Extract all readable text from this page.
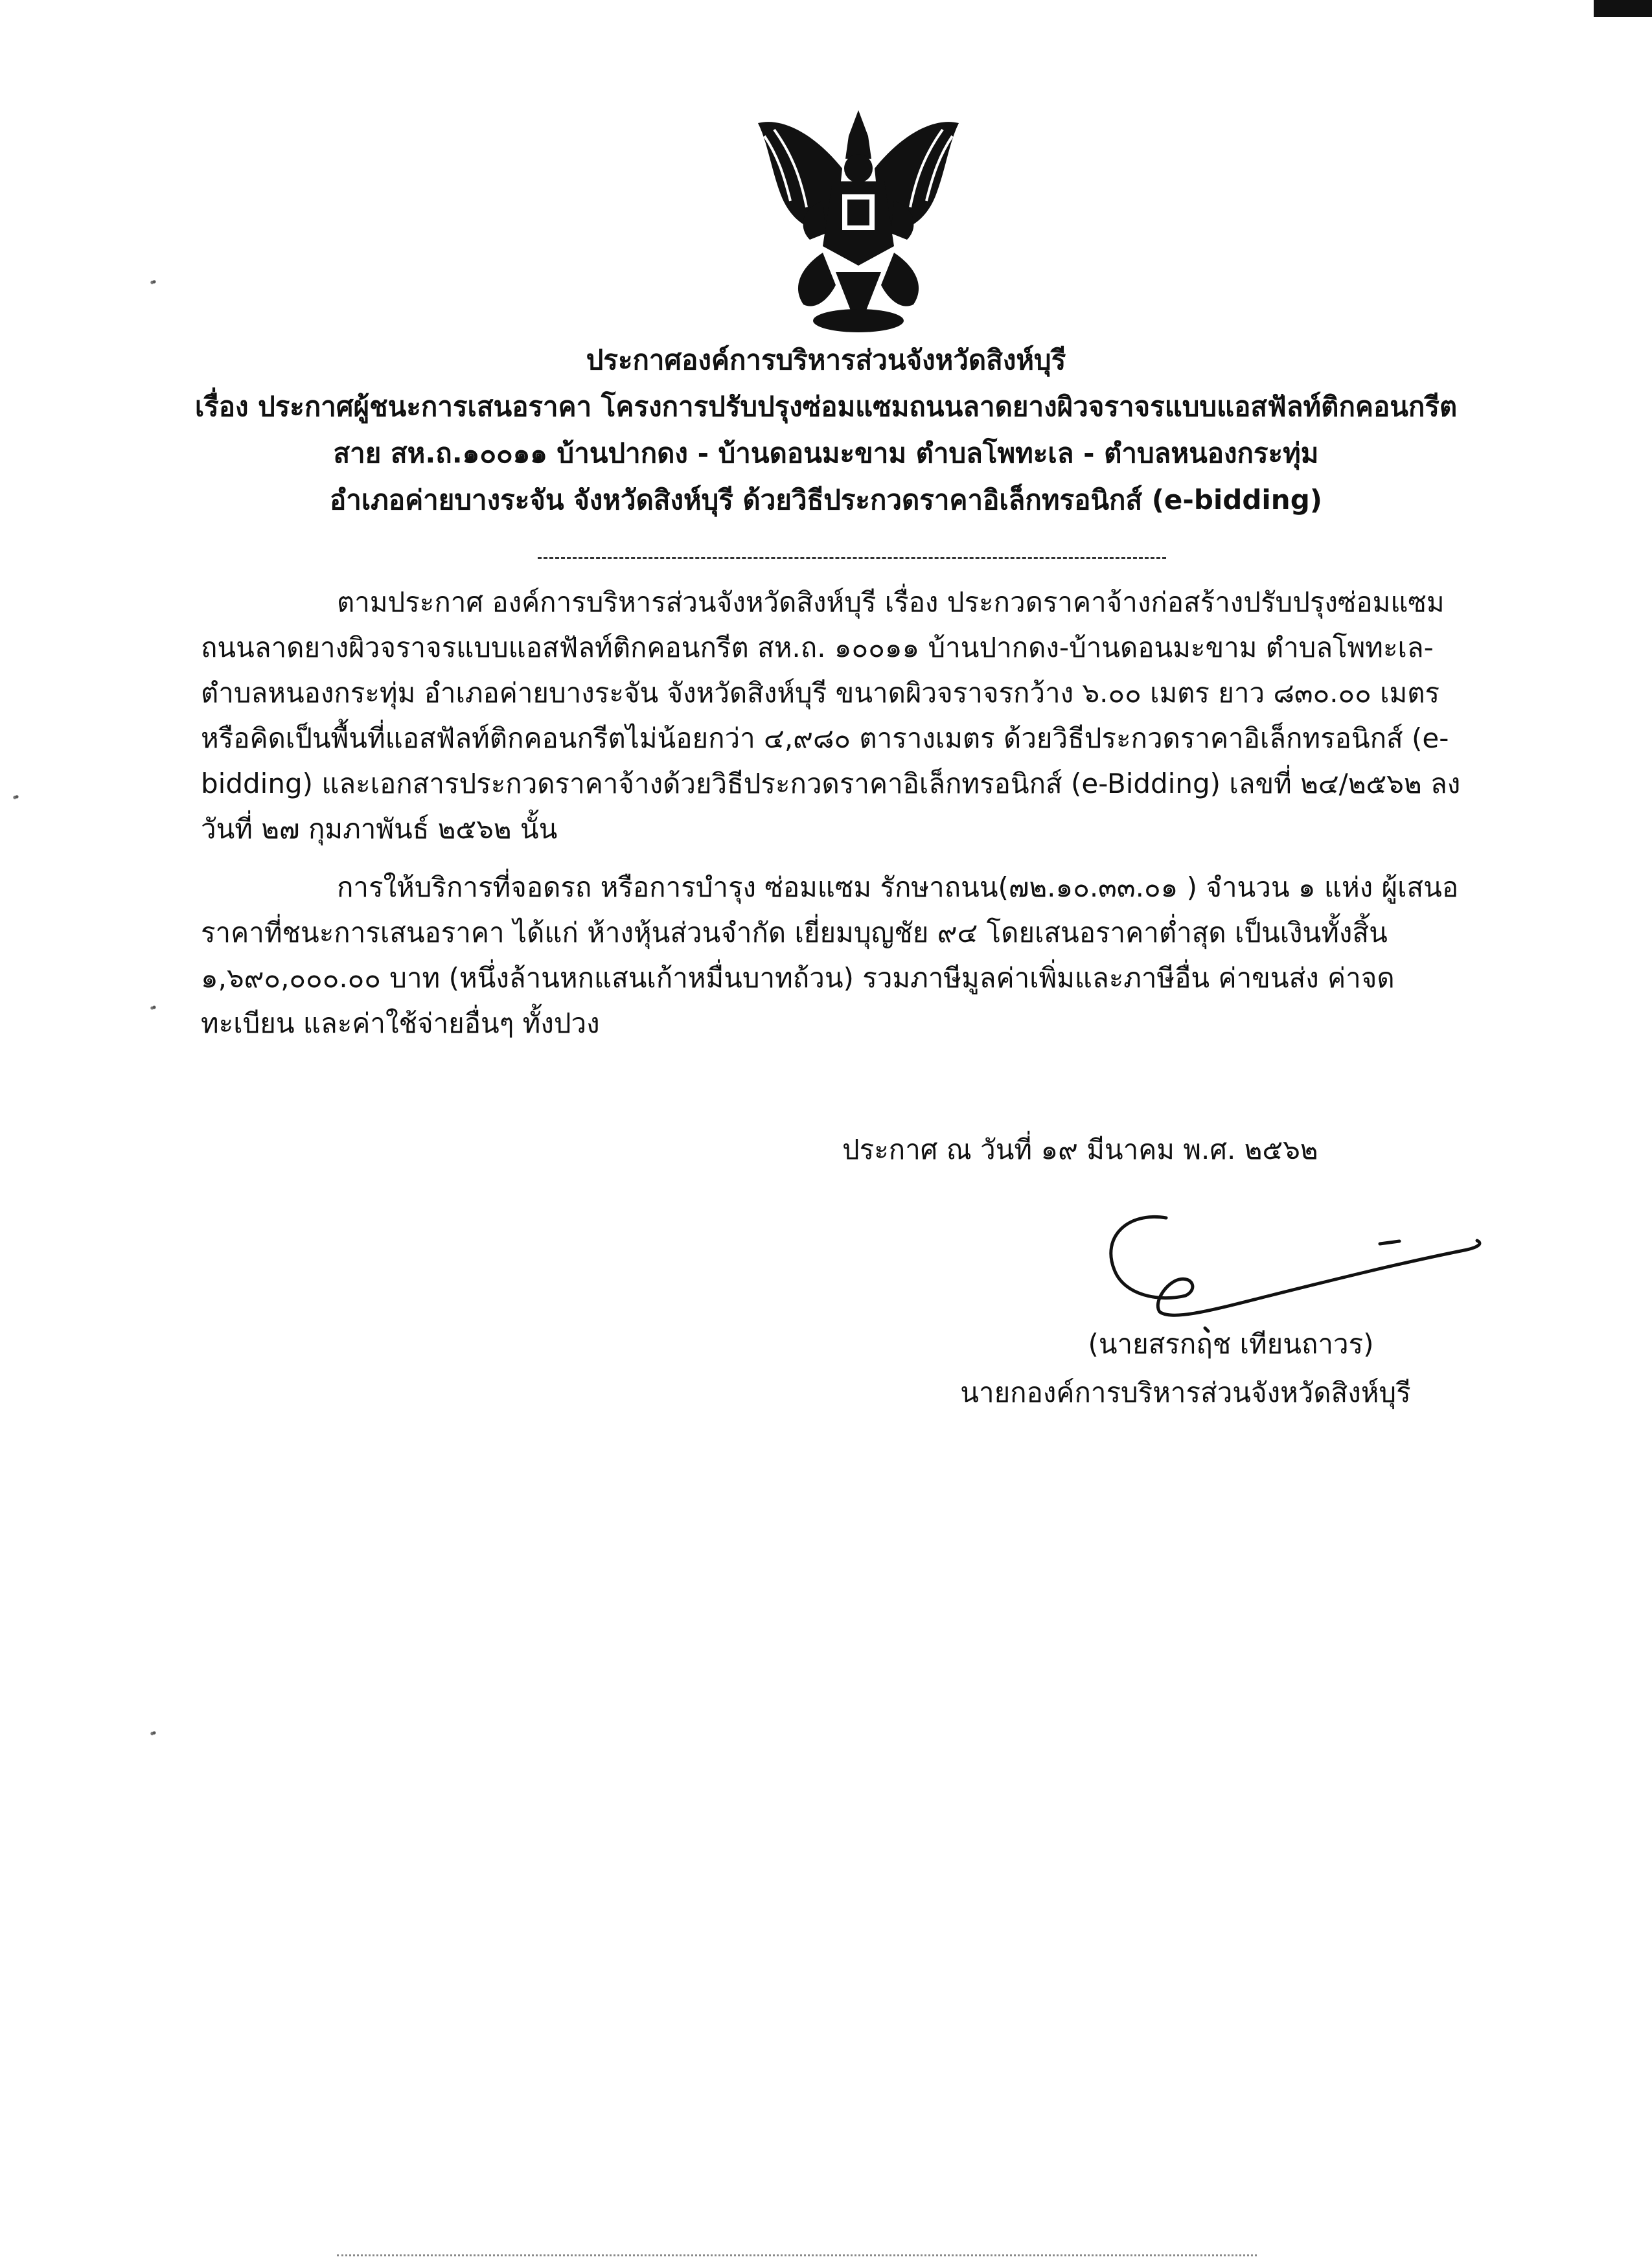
ประกาศองค์การบริหารส่วนจังหวัดสิงห์บุรี
เรื่อง ประกาศผู้ชนะการเสนอราคา โครงการปรับปรุงซ่อมแซมถนนลาดยางผิวจราจรแบบแอสฟัลท์ติกคอนกรีต
สาย สห.ถ.๑๐๐๑๑ บ้านปากดง - บ้านดอนมะขาม ตำบลโพทะเล - ตำบลหนองกระทุ่ม
อำเภอค่ายบางระจัน จังหวัดสิงห์บุรี ด้วยวิธีประกวดราคาอิเล็กทรอนิกส์ (e-bidding)

ตามประกาศ องค์การบริหารส่วนจังหวัดสิงห์บุรี เรื่อง ประกวดราคาจ้างก่อสร้างปรับปรุงซ่อมแซมถนนลาดยางผิวจราจรแบบแอสฟัลท์ติกคอนกรีต สห.ถ. ๑๐๐๑๑ บ้านปากดง-บ้านดอนมะขาม ตำบลโพทะเล-ตำบลหนองกระทุ่ม อำเภอค่ายบางระจัน จังหวัดสิงห์บุรี ขนาดผิวจราจรกว้าง ๖.๐๐ เมตร ยาว ๘๓๐.๐๐ เมตร หรือคิดเป็นพื้นที่แอสฟัลท์ติกคอนกรีตไม่น้อยกว่า ๔,๙๘๐ ตารางเมตร ด้วยวิธีประกวดราคาอิเล็กทรอนิกส์ (e-bidding) และเอกสารประกวดราคาจ้างด้วยวิธีประกวดราคาอิเล็กทรอนิกส์ (e-Bidding) เลขที่ ๒๔/๒๕๖๒ ลงวันที่ ๒๗ กุมภาพันธ์ ๒๕๖๒ นั้น

การให้บริการที่จอดรถ หรือการบำรุง ซ่อมแซม รักษาถนน(๗๒.๑๐.๓๓.๐๑ ) จำนวน ๑ แห่ง ผู้เสนอราคาที่ชนะการเสนอราคา ได้แก่ ห้างหุ้นส่วนจำกัด เยี่ยมบุญชัย ๙๔ โดยเสนอราคาต่ำสุด เป็นเงินทั้งสิ้น ๑,๖๙๐,๐๐๐.๐๐ บาท (หนึ่งล้านหกแสนเก้าหมื่นบาทถ้วน) รวมภาษีมูลค่าเพิ่มและภาษีอื่น ค่าขนส่ง ค่าจดทะเบียน และค่าใช้จ่ายอื่นๆ ทั้งปวง

ประกาศ ณ วันที่ ๑๙ มีนาคม พ.ศ. ๒๕๖๒
(นายสรกฤช เทียนถาวร)
นายกองค์การบริหารส่วนจังหวัดสิงห์บุรี
